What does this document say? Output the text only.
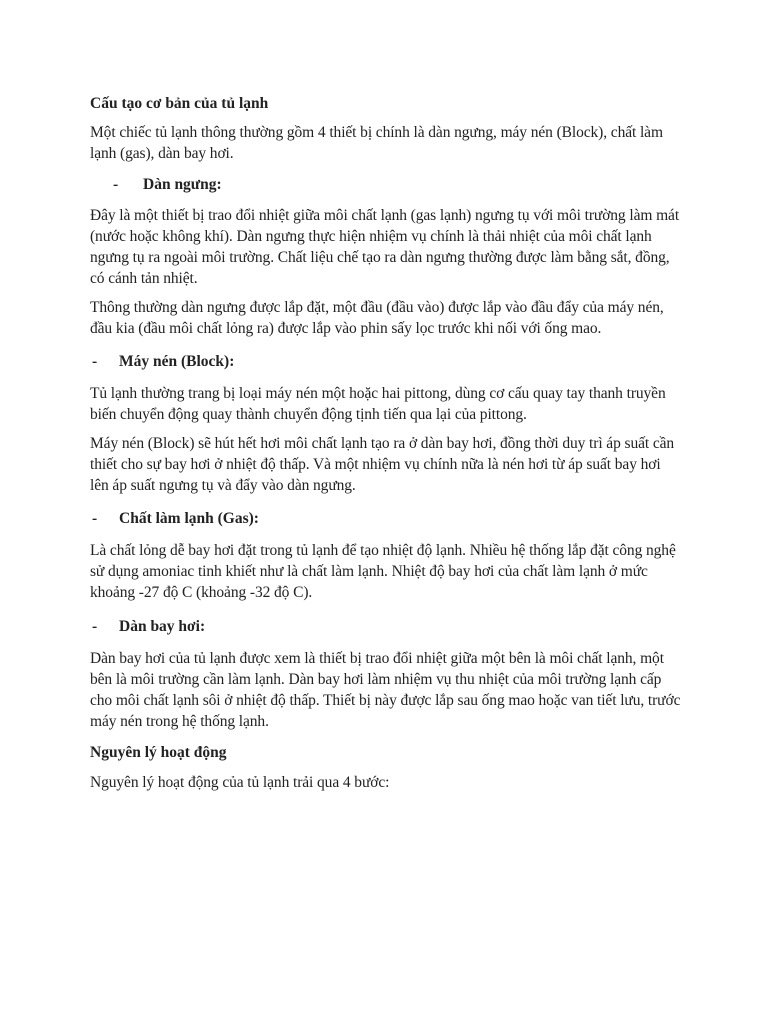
Cấu tạo cơ bản của tủ lạnh

Một chiếc tủ lạnh thông thường gồm 4 thiết bị chính là dàn ngưng, máy nén (Block), chất làm lạnh (gas), dàn bay hơi.

-	Dàn ngưng:

Đây là một thiết bị trao đổi nhiệt giữa môi chất lạnh (gas lạnh) ngưng tụ với môi trường làm mát (nước hoặc không khí). Dàn ngưng thực hiện nhiệm vụ chính là thải nhiệt của môi chất lạnh ngưng tụ ra ngoài môi trường. Chất liệu chế tạo ra dàn ngưng thường được làm bằng sắt, đồng, có cánh tản nhiệt.

Thông thường dàn ngưng được lắp đặt, một đầu (đầu vào) được lắp vào đầu đẩy của máy nén, đầu kia (đầu môi chất lỏng ra) được lắp vào phin sấy lọc trước khi nối với ống mao.

-	Máy nén (Block):

Tủ lạnh thường trang bị loại máy nén một hoặc hai pittong, dùng cơ cấu quay tay thanh truyền biến chuyển động quay thành chuyển động tịnh tiến qua lại của pittong.

Máy nén (Block) sẽ hút hết hơi môi chất lạnh tạo ra ở dàn bay hơi, đồng thời duy trì áp suất cần thiết cho sự bay hơi ở nhiệt độ thấp. Và một nhiệm vụ chính nữa là nén hơi từ áp suất bay hơi lên áp suất ngưng tụ và đẩy vào dàn ngưng.

-	Chất làm lạnh (Gas):

Là chất lỏng dễ bay hơi đặt trong tủ lạnh để tạo nhiệt độ lạnh. Nhiều hệ thống lắp đặt công nghệ sử dụng amoniac tinh khiết như là chất làm lạnh. Nhiệt độ bay hơi của chất làm lạnh ở mức khoảng -27 độ C (khoảng -32 độ C).

-	Dàn bay hơi:

Dàn bay hơi của tủ lạnh được xem là thiết bị trao đổi nhiệt giữa một bên là môi chất lạnh, một bên là môi trường cần làm lạnh. Dàn bay hơi làm nhiệm vụ thu nhiệt của môi trường lạnh cấp cho môi chất lạnh sôi ở nhiệt độ thấp. Thiết bị này được lắp sau ống mao hoặc van tiết lưu, trước máy nén trong hệ thống lạnh.

Nguyên lý hoạt động

Nguyên lý hoạt động của tủ lạnh trải qua 4 bước:
